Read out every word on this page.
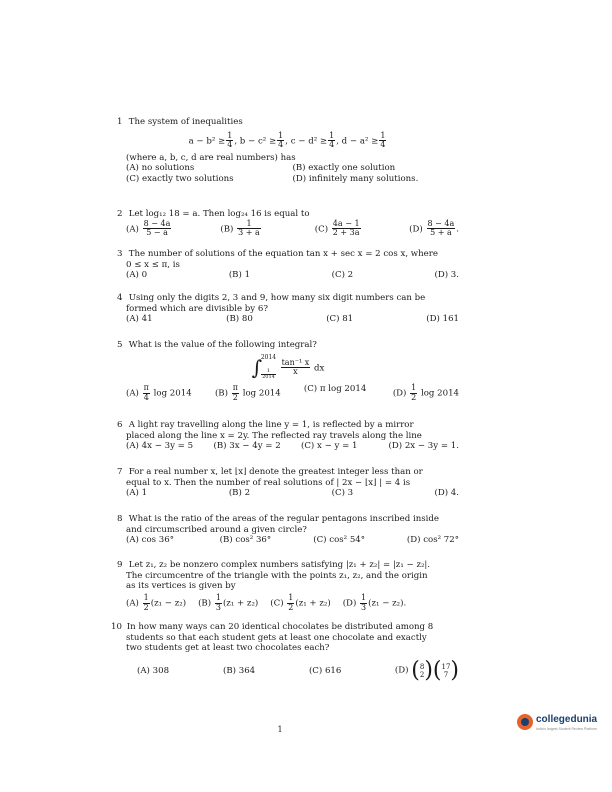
1 The system of inequalities
$a - b^2 \ge \frac{1}{4}$ , $b - c^2 \ge \frac{1}{4}$ , $c - d^2 \ge \frac{1}{4}$ , $d - a^2 \ge \frac{1}{4}$
(where a, b, c, d are real numbers) has
(A) no solutions	(B) exactly one solution
(C) exactly two solutions	(D) infinitely many solutions.
2 Let log₁₂ 18 = a. Then log₂₄ 16 is equal to
$(A) \frac{8 - 4a}{5 - a}$	$(B) \frac{1}{3 + a}$	$(C) \frac{4a - 1}{2 + 3a}$	$(D) \frac{8 - 4a}{5 + a}$ .
3 The number of solutions of the equation tan x + sec x = 2 cos x, where
0 ≤ x ≤ π, is
(A) 0	(B) 1	(C) 2	(D) 3.
4 Using only the digits 2, 3 and 9, how many six digit numbers can be
formed which are divisible by 6?
(A) 41	(B) 80	(C) 81	(D) 161
5 What is the value of the following integral?
∫
2014
$\frac{1}{2014}$
$\frac{\text{tan⁻¹ x}}{x}$ dx
$(A) \frac{\pi}{4}$ log 2014	$(B) \frac{\pi}{2}$ log 2014	(C) π log 2014	$(D) \frac{1}{2}$ log 2014
6 A light ray travelling along the line y = 1, is reflected by a mirror
placed along the line x = 2y. The reflected ray travels along the line
(A) 4x − 3y = 5	(B) 3x − 4y = 2	(C) x − y = 1	(D) 2x − 3y = 1.
7 For a real number x, let ⌊x⌋ denote the greatest integer less than or
equal to x. Then the number of real solutions of | 2x − ⌊x⌋ | = 4 is
(A) 1	(B) 2	(C) 3	(D) 4.
8 What is the ratio of the areas of the regular pentagons inscribed inside
and circumscribed around a given circle?
(A) cos 36°	(B) cos² 36°	(C) cos² 54°	(D) cos² 72°
9 Let z₁, z₂ be nonzero complex numbers satisfying |z₁ + z₂| = |z₁ − z₂|.
The circumcentre of the triangle with the points z₁, z₂, and the origin
as its vertices is given by
$(A) \frac{1}{2} (z_1 - z_2)$ $(B) \frac{1}{3} (z_1 + z_2)$ $(C) \frac{1}{2} (z_1 + z_2)$ $(D) \frac{1}{3} (z_1 - z_2)$.
10 In how many ways can 20 identical chocolates be distributed among 8
students so that each student gets at least one chocolate and exactly
two students get at least two chocolates each?
(A) 308	(B) 364	(C) 616	(D) ( 8
2 ) ( 17
7 )
1
collegedunia
India's largest Student Review Platform
